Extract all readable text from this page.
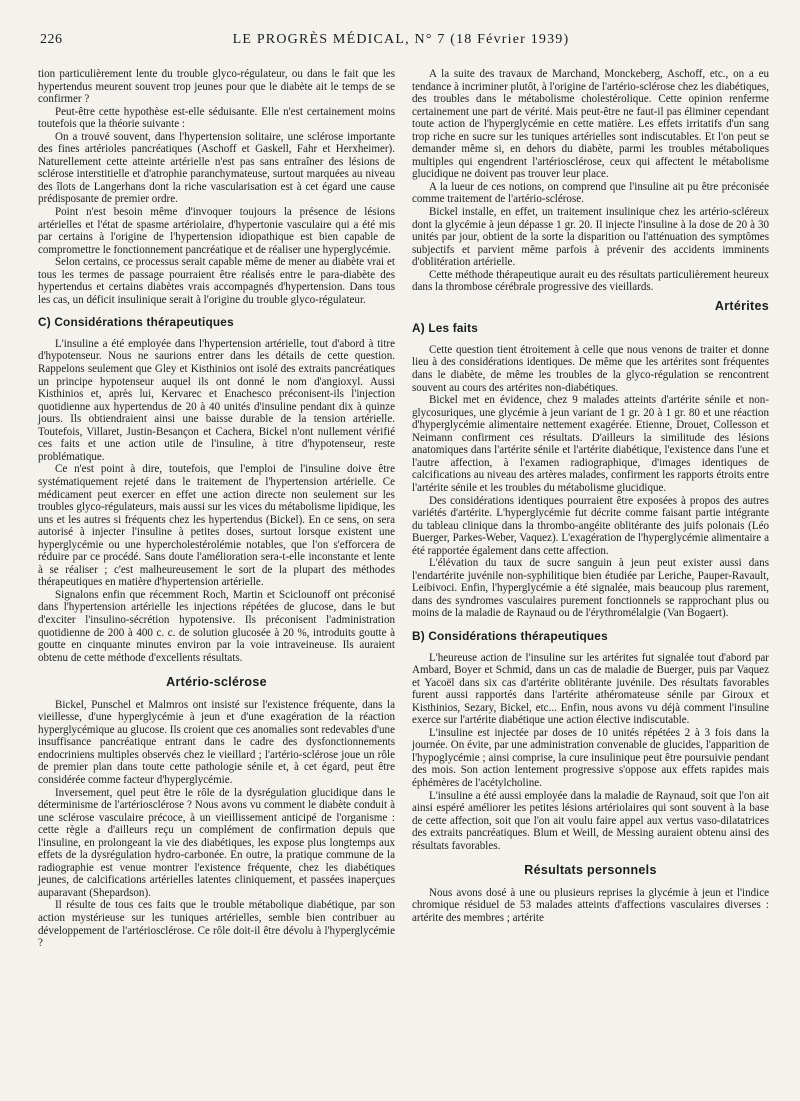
226	LE PROGRÈS MÉDICAL, N° 7 (18 Février 1939)

tion particulièrement lente du trouble glyco-régulateur, ou dans le fait que les hypertendus meurent souvent trop jeunes pour que le diabète ait le temps de se confirmer ?

Peut-être cette hypothèse est-elle séduisante. Elle n'est certainement moins toutefois que la théorie suivante :

On a trouvé souvent, dans l'hypertension solitaire, une sclérose importante des fines artérioles pancréatiques (Aschoff et Gaskell, Fahr et Herxheimer). Naturellement cette atteinte artérielle n'est pas sans entraîner des lésions de sclérose interstitielle et d'atrophie paranchymateuse, surtout marquées au niveau des îlots de Langerhans dont la riche vascularisation est à cet égard une cause prédisposante de premier ordre.

Point n'est besoin même d'invoquer toujours la présence de lésions artérielles et l'état de spasme artériolaire, d'hypertonie vasculaire qui a été mis par certains à l'origine de l'hypertension idiopathique est bien capable de compromettre le fonctionnement pancréatique et de réaliser une hyperglycémie.

Selon certains, ce processus serait capable même de mener au diabète vrai et tous les termes de passage pourraient être réalisés entre le para-diabète des hypertendus et certains diabètes vrais accompagnés d'hypertension. Dans tous les cas, un déficit insulinique serait à l'origine du trouble glyco-régulateur.

C) Considérations thérapeutiques

L'insuline a été employée dans l'hypertension artérielle, tout d'abord à titre d'hypotenseur. Nous ne saurions entrer dans les détails de cette question. Rappelons seulement que Gley et Kisthinios ont isolé des extraits pancréatiques un principe hypotenseur auquel ils ont donné le nom d'angioxyl. Aussi Kisthinios et, après lui, Kervarec et Enachesco préconisent-ils l'injection quotidienne aux hypertendus de 20 à 40 unités d'insuline pendant dix à quinze jours. Ils obtiendraient ainsi une baisse durable de la tension artérielle. Toutefois, Villaret, Justin-Besançon et Cachera, Bickel n'ont nullement vérifié ces faits et une action utile de l'insuline, à titre d'hypotenseur, reste problématique.

Ce n'est point à dire, toutefois, que l'emploi de l'insuline doive être systématiquement rejeté dans le traitement de l'hypertension artérielle. Ce médicament peut exercer en effet une action directe non seulement sur les troubles glyco-régulateurs, mais aussi sur les vices du métabolisme lipidique, les uns et les autres si fréquents chez les hypertendus (Bickel). En ce sens, on sera autorisé à injecter l'insuline à petites doses, surtout lorsque existent une hyperglycémie ou une hypercholestérolémie notables, que l'on s'efforcera de réduire par ce procédé. Sans doute l'amélioration sera-t-elle inconstante et lente à se réaliser ; c'est malheureusement le sort de la plupart des méthodes thérapeutiques en matière d'hypertension artérielle.

Signalons enfin que récemment Roch, Martin et Sciclounoff ont préconisé dans l'hypertension artérielle les injections répétées de glucose, dans le but d'exciter l'insulino-sécrétion hypotensive. Ils préconisent l'administration quotidienne de 200 à 400 c. c. de solution glucosée à 20 %, introduits goutte à goutte en cinquante minutes environ par la voie intraveineuse. Ils auraient obtenu de cette méthode d'excellents résultats.

Artério-sclérose

Bickel, Punschel et Malmros ont insisté sur l'existence fréquente, dans la vieillesse, d'une hyperglycémie à jeun et d'une exagération de la réaction hyperglycémique au glucose. Ils croient que ces anomalies sont redevables d'une insuffisance pancréatique entrant dans le cadre des dysfonctionnements endocriniens multiples observés chez le vieillard ; l'artério-sclérose joue un rôle de premier plan dans toute cette pathologie sénile et, à cet égard, peut être considérée comme facteur d'hyperglycémie.

Inversement, quel peut être le rôle de la dysrégulation glucidique dans le déterminisme de l'artériosclérose ? Nous avons vu comment le diabète conduit à une sclérose vasculaire précoce, à un vieillissement anticipé de l'organisme : cette règle a d'ailleurs reçu un complément de confirmation depuis que l'insuline, en prolongeant la vie des diabétiques, les expose plus longtemps aux effets de la dysrégulation hydro-carbonée. En outre, la pratique commune de la radiographie est venue montrer l'existence fréquente, chez les diabétiques jeunes, de calcifications artérielles latentes cliniquement, et passées inaperçues auparavant (Shepardson).

Il résulte de tous ces faits que le trouble métabolique diabétique, par son action mystérieuse sur les tuniques artérielles, semble bien contribuer au développement de l'artériosclérose. Ce rôle doit-il être dévolu à l'hyperglycémie ?

A la suite des travaux de Marchand, Monckeberg, Aschoff, etc., on a eu tendance à incriminer plutôt, à l'origine de l'artério-sclérose chez les diabétiques, des troubles dans le métabolisme cholestérolique. Cette opinion renferme certainement une part de vérité. Mais peut-être ne faut-il pas éliminer cependant toute action de l'hyperglycémie en cette matière. Les effets irritatifs d'un sang trop riche en sucre sur les tuniques artérielles sont indiscutables. Et l'on peut se demander même si, en dehors du diabète, parmi les troubles métaboliques multiples qui engendrent l'artériosclérose, ceux qui affectent le métabolisme glucidique ne doivent pas trouver leur place.

A la lueur de ces notions, on comprend que l'insuline ait pu être préconisée comme traitement de l'artério-sclérose.

Bickel installe, en effet, un traitement insulinique chez les artério-scléreux dont la glycémie à jeun dépasse 1 gr. 20. Il injecte l'insuline à la dose de 20 à 30 unités par jour, obtient de la sorte la disparition ou l'atténuation des symptômes subjectifs et parvient même parfois à prévenir des accidents imminents d'oblitération artérielle.

Cette méthode thérapeutique aurait eu des résultats particulièrement heureux dans la thrombose cérébrale progressive des vieillards.

Artérites
A) Les faits

Cette question tient étroitement à celle que nous venons de traiter et donne lieu à des considérations identiques. De même que les artérites sont fréquentes dans le diabète, de même les troubles de la glyco-régulation se rencontrent souvent au cours des artérites non-diabétiques.

Bickel met en évidence, chez 9 malades atteints d'artérite sénile et non-glycosuriques, une glycémie à jeun variant de 1 gr. 20 à 1 gr. 80 et une réaction d'hyperglycémie alimentaire nettement exagérée. Etienne, Drouet, Collesson et Neimann confirment ces résultats. D'ailleurs la similitude des lésions anatomiques dans l'artérite sénile et l'artérite diabétique, l'existence dans l'une et l'autre affection, à l'examen radiographique, d'images identiques de calcifications au niveau des artères malades, confirment les rapports étroits entre l'artérite sénile et les troubles du métabolisme glucidique.

Des considérations identiques pourraient être exposées à propos des autres variétés d'artérite. L'hyperglycémie fut décrite comme faisant partie intégrante du tableau clinique dans la thrombo-angéite oblitérante des juifs polonais (Léo Buerger, Parkes-Weber, Vaquez). L'exagération de l'hyperglycémie alimentaire a été rapportée également dans cette affection.

L'élévation du taux de sucre sanguin à jeun peut exister aussi dans l'endartérite juvénile non-syphilitique bien étudiée par Leriche, Pauper-Ravault, Leibivoci. Enfin, l'hyperglycémie a été signalée, mais beaucoup plus rarement, dans des syndromes vasculaires purement fonctionnels se rapprochant plus ou moins de la maladie de Raynaud ou de l'érythromélalgie (Van Bogaert).

B) Considérations thérapeutiques

L'heureuse action de l'insuline sur les artérites fut signalée tout d'abord par Ambard, Boyer et Schmid, dans un cas de maladie de Buerger, puis par Vaquez et Yacoël dans six cas d'artérite oblitérante juvénile. Des résultats favorables furent aussi rapportés dans l'artérite athéromateuse sénile par Giroux et Kisthinios, Sezary, Bickel, etc... Enfin, nous avons vu déjà comment l'insuline exerce sur l'artérite diabétique une action élective indiscutable.

L'insuline est injectée par doses de 10 unités répétées 2 à 3 fois dans la journée. On évite, par une administration convenable de glucides, l'apparition de l'hypoglycémie ; ainsi comprise, la cure insulinique peut être poursuivie pendant des mois. Son action lentement progressive s'oppose aux effets rapides mais éphémères de l'acétylcholine.

L'insuline a été aussi employée dans la maladie de Raynaud, soit que l'on ait ainsi espéré améliorer les petites lésions artériolaires qui sont souvent à la base de cette affection, soit que l'on ait voulu faire appel aux vertus vaso-dilatatrices des extraits pancréatiques. Blum et Weill, de Messing auraient obtenu ainsi des résultats favorables.

Résultats personnels

Nous avons dosé à une ou plusieurs reprises la glycémie à jeun et l'indice chromique résiduel de 53 malades atteints d'affections vasculaires diverses : artérite des membres ; artérite
